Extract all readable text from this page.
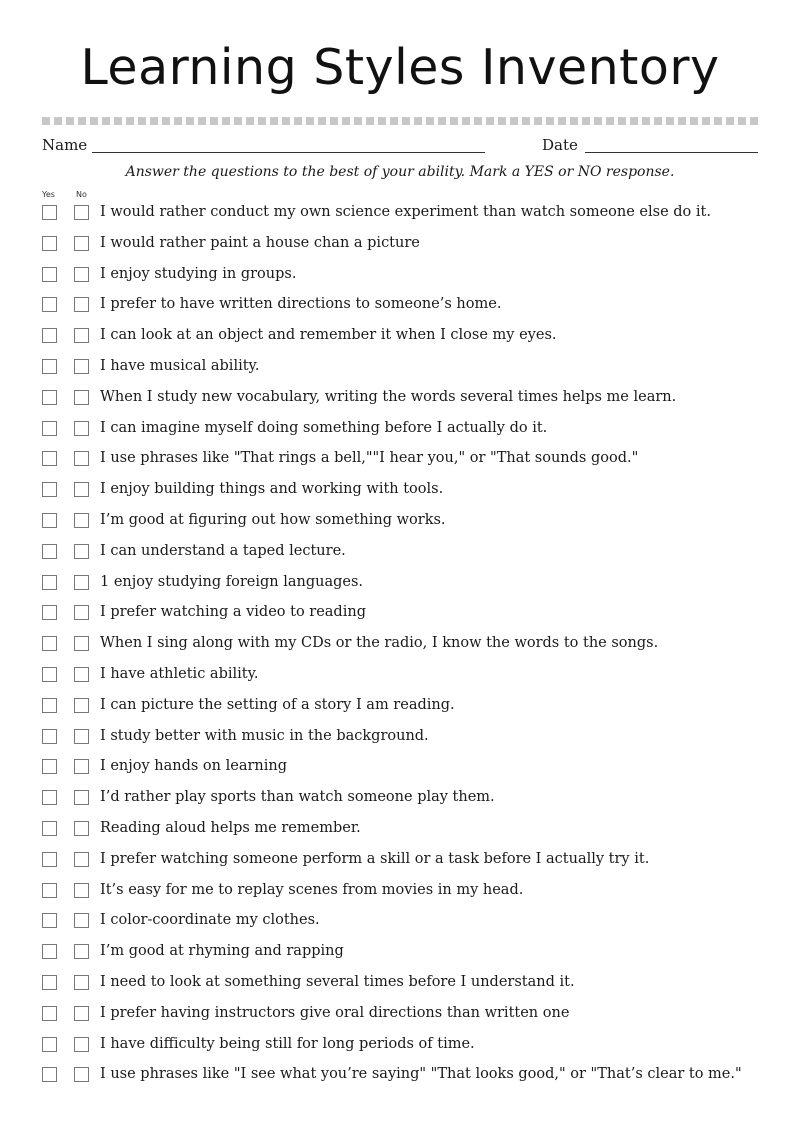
Learning Styles Inventory
Name	Date
Answer the questions to the best of your ability. Mark a YES or NO response.
Yes	No
I would rather conduct my own science experiment than watch someone else do it.
I would rather paint a house chan a picture
I enjoy studying in groups.
I prefer to have written directions to someone’s home.
I can look at an object and remember it when I close my eyes.
I have musical ability.
When I study new vocabulary, writing the words several times helps me learn.
I can imagine myself doing something before I actually do it.
I use phrases like "That rings a bell,""I hear you," or "That sounds good."
I enjoy building things and working with tools.
I’m good at figuring out how something works.
I can understand a taped lecture.
1 enjoy studying foreign languages.
I prefer watching a video to reading
When I sing along with my CDs or the radio, I know the words to the songs.
I have athletic ability.
I can picture the setting of a story I am reading.
I study better with music in the background.
I enjoy hands on learning
I’d rather play sports than watch someone play them.
Reading aloud helps me remember.
I prefer watching someone perform a skill or a task before I actually try it.
It’s easy for me to replay scenes from movies in my head.
I color-coordinate my clothes.
I’m good at rhyming and rapping
I need to look at something several times before I understand it.
I prefer having instructors give oral directions than written one
I have difficulty being still for long periods of time.
I use phrases like "I see what you’re saying" "That looks good," or "That’s clear to me."
